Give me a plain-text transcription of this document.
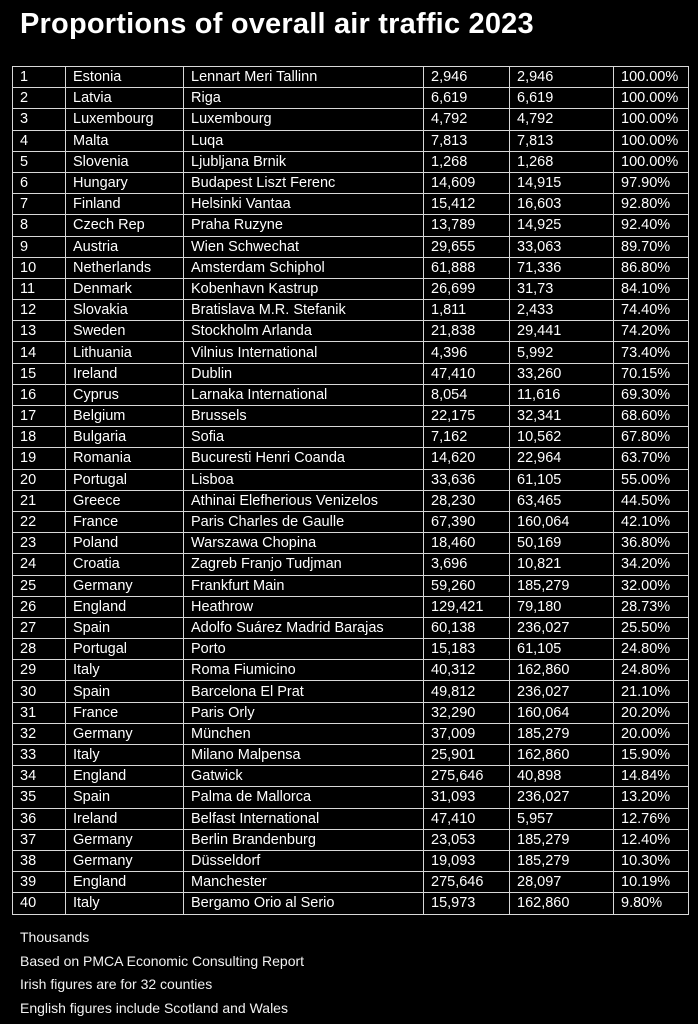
Proportions of overall air traffic 2023
1	Estonia	Lennart Meri Tallinn	2,946	2,946	100.00%
2	Latvia	Riga	6,619	6,619	100.00%
3	Luxembourg	Luxembourg	4,792	4,792	100.00%
4	Malta	Luqa	7,813	7,813	100.00%
5	Slovenia	Ljubljana Brnik	1,268	1,268	100.00%
6	Hungary	Budapest Liszt Ferenc	14,609	14,915	97.90%
7	Finland	Helsinki Vantaa	15,412	16,603	92.80%
8	Czech Rep	Praha Ruzyne	13,789	14,925	92.40%
9	Austria	Wien Schwechat	29,655	33,063	89.70%
10	Netherlands	Amsterdam Schiphol	61,888	71,336	86.80%
11	Denmark	Kobenhavn Kastrup	26,699	31,73	84.10%
12	Slovakia	Bratislava M.R. Stefanik	1,811	2,433	74.40%
13	Sweden	Stockholm Arlanda	21,838	29,441	74.20%
14	Lithuania	Vilnius International	4,396	5,992	73.40%
15	Ireland	Dublin	47,410	33,260	70.15%
16	Cyprus	Larnaka International	8,054	11,616	69.30%
17	Belgium	Brussels	22,175	32,341	68.60%
18	Bulgaria	Sofia	7,162	10,562	67.80%
19	Romania	Bucuresti Henri Coanda	14,620	22,964	63.70%
20	Portugal	Lisboa	33,636	61,105	55.00%
21	Greece	Athinai Elefherious Venizelos	28,230	63,465	44.50%
22	France	Paris Charles de Gaulle	67,390	160,064	42.10%
23	Poland	Warszawa Chopina	18,460	50,169	36.80%
24	Croatia	Zagreb Franjo Tudjman	3,696	10,821	34.20%
25	Germany	Frankfurt Main	59,260	185,279	32.00%
26	England	Heathrow	129,421	79,180	28.73%
27	Spain	Adolfo Suárez Madrid Barajas	60,138	236,027	25.50%
28	Portugal	Porto	15,183	61,105	24.80%
29	Italy	Roma Fiumicino	40,312	162,860	24.80%
30	Spain	Barcelona El Prat	49,812	236,027	21.10%
31	France	Paris Orly	32,290	160,064	20.20%
32	Germany	München	37,009	185,279	20.00%
33	Italy	Milano Malpensa	25,901	162,860	15.90%
34	England	Gatwick	275,646	40,898	14.84%
35	Spain	Palma de Mallorca	31,093	236,027	13.20%
36	Ireland	Belfast International	47,410	5,957	12.76%
37	Germany	Berlin Brandenburg	23,053	185,279	12.40%
38	Germany	Düsseldorf	19,093	185,279	10.30%
39	England	Manchester	275,646	28,097	10.19%
40	Italy	Bergamo Orio al Serio	15,973	162,860	9.80%
Thousands
Based on PMCA Economic Consulting Report
Irish figures are for 32 counties
English figures include Scotland and Wales
